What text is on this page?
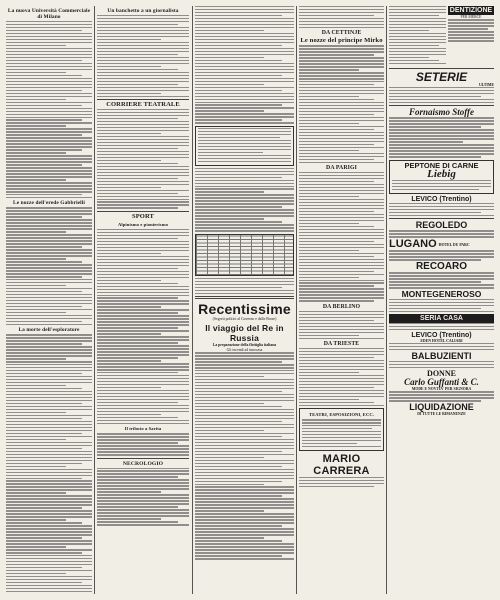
La nuova Università Commerciale di Milano
Le nozze dell'erede Gabbrielli
La morte dell'esploratore
Un banchetto a un giornalista
CORRIERE TEATRALE
SPORT
Alpinismo e pionierismo
Il tributo a Sarita
NECROLOGIO
Recentissime
(Segreti politici al Governo e dalle Borse)
Il viaggio del Re in Russia
La preparazione della flottiglia italiana
Gli incendi ad innocasa
DA CETTINJE
Le nozze del principe Mirko
DA PARIGI
DA BERLINO
DA TRIESTE
TEATRI, ESPOSIZIONI, ECC.
MARIO CARRERA
DENTIZIONE
PER MERCE
SETERIE
ULTIME
Fornaismo Stoffe
PEPTONE DI CARNE
Liebig
LEVICO (Trentino)
REGOLEDO
LUGANO HOTEL DU PARC
RECOARO
MONTEGENEROSO
SERIA CASA
LEVICO (Trentino)
EDEN HOTEL CALIARI
BALBUZIENTI
DONNE
Carlo Guffanti & C.
MODE E NOVITA' PER SIGNORA
LIQUIDAZIONE
DI TUTTE LE RIMANENZE
